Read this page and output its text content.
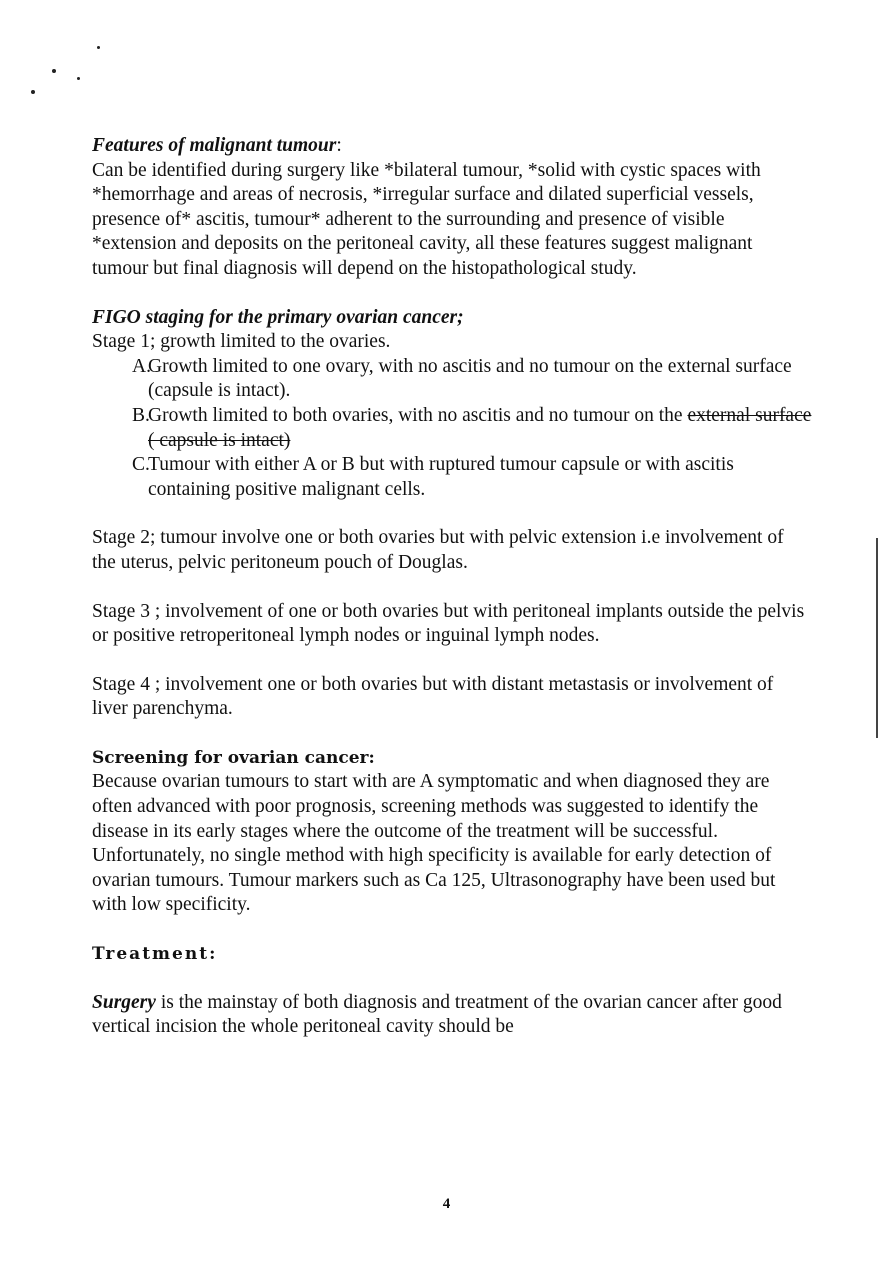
Features of malignant tumour:

Can be identified during surgery like *bilateral tumour, *solid with cystic spaces with *hemorrhage and areas of necrosis, *irregular surface and dilated superficial vessels, presence of* ascitis, tumour* adherent to the surrounding and presence of visible *extension and deposits on the peritoneal cavity, all these features suggest malignant tumour but final diagnosis will depend on the histopathological study.

FIGO staging for the primary ovarian cancer;

Stage 1; growth limited to the ovaries.

A.
Growth limited to one ovary, with no ascitis and no tumour on the external surface (capsule is intact).
B.
Growth limited to both ovaries, with no ascitis and no tumour on the external surface ( capsule is intact)
C.
Tumour with either A or B but with ruptured tumour capsule or with ascitis containing positive malignant cells.

Stage 2; tumour involve one or both ovaries but with pelvic extension i.e involvement of the uterus, pelvic peritoneum pouch of Douglas.

Stage 3 ; involvement of one or both ovaries but with peritoneal implants outside the pelvis or positive retroperitoneal lymph nodes or inguinal lymph nodes.

Stage 4 ; involvement one or both ovaries but with distant metastasis or involvement of liver parenchyma.

Screening for ovarian cancer:

Because ovarian tumours to start with are A symptomatic and when diagnosed they are often advanced with poor prognosis, screening methods was suggested to identify the disease in its early stages where the outcome of the treatment will be successful.

Unfortunately, no single method with high specificity is available for early detection of ovarian tumours. Tumour markers such as Ca 125, Ultrasonography have been used but with low specificity.

Treatment:

Surgery is the mainstay of both diagnosis and treatment of the ovarian cancer after good vertical incision the whole peritoneal cavity should be

4
